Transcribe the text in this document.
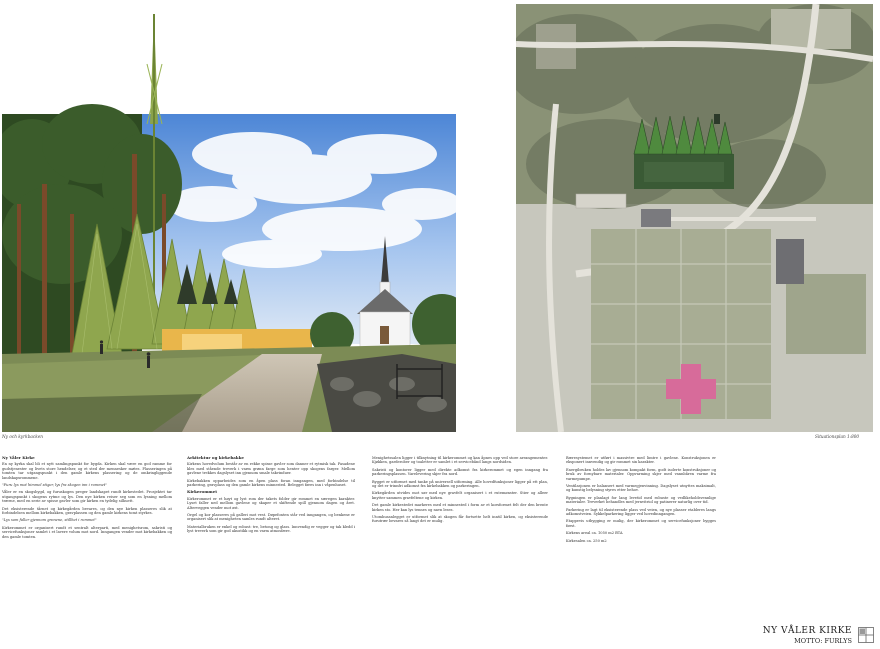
Ny och kyrkbacken	Situationsplan 1:800
Ny Våler Kirke

En ny kyrka skal bli et nytt samlingspunkt for bygda. Kirken skal være en god ramme for gudstjenester og livets store hendelser, og et sted der mennesker møtes. Plasseringen på tomten tar utgangspunkt i den gamle kirkens plassering og de omkringliggende landskapsrommene.

"Furu lys mot himmel stiger, lys fra skogen inn i rommet"

Våler er en skogsbygd, og furuskogen preger landskapet rundt kirkestedet. Prosjektet tar utgangspunkt i skogens rytme og lys. Den nye kirken reiser seg som en lysning mellom trærne, med en serie av spisse gavler som gir kirken en tydelig silhuett.

Det eksisterende tårnet og kirkegården bevares, og den nye kirken plasseres slik at forbindelsen mellom kirkebakken, gravplassen og den gamle kirkens tomt styrkes.

"Lys som faller gjennom grenene, stillhet i rommet"

Kirkerommet er organisert rundt et sentralt alterparti, med menighetsrom, sakristi og servicefunksjoner samlet i et lavere volum mot nord. Inngangen vender mot kirkebakken og den gamle tomten.

Arkitektur og kirkebakke

Kirkens hovedvolum består av en rekke spisse gavler som danner et rytmisk tak. Fasadene kles med stående treverk i varm grønn farge som henter opp skogens farger. Mellom gavlene trekkes dagslyset inn gjennom smale takvinduer.

Kirkebakken opparbeides som en åpen plass foran inngangen, med forbindelse til parkering, gravplass og den gamle kirkens minnested. Belegget føres inn i våpenhuset.

Kirkerommet

Kirkerommet er et høyt og lyst rom der takets folder gir rommet en særegen karakter. Lyset faller ned mellom gavlene og skaper et skiftende spill gjennom dagen og året. Alterveggen vender mot øst.

Orgel og kor plasseres på galleri mot vest. Døpefonten står ved inngangen, og benkene er organisert slik at menigheten samles rundt alteret.

Materialbruken er enkel og robust: tre, betong og glass. Innvendig er vegger og tak kledd i lyst treverk som gir god akustikk og en varm atmosfære.

Menighetssalen ligger i tilknytning til kirkerommet og kan åpnes opp ved store arrangementer. Kjøkken, garderober og toaletter er samlet i et servicebånd langs nordsiden.

Sakristi og kontorer ligger med direkte adkomst fra kirkerommet og egen inngang fra parkeringsplassen. Varelevering skjer fra nord.

Bygget er utformet med tanke på universell utforming. Alle hovedfunksjoner ligger på ett plan, og det er trinnfri adkomst fra kirkebakken og parkeringen.

Kirkegården utvides mot sør med nye gravfelt organisert i et rutemønster. Stier og alleer knytter sammen gravfeltene og kirken.

Det gamle kirkestedet markeres med et minnested i form av et korsformet felt der den brente kirken sto. Her kan lys tennes og navn leses.

Utomhusanlegget er utformet slik at skogen får fortsette helt inntil kirken, og eksisterende furutrær bevares så langt det er mulig.

Bæresystemet er utført i massivtre med limtre i gavlene. Konstruksjonen er eksponert innvendig og gir rommet sin karakter.

Energibruken holdes lav gjennom kompakt form, godt isolerte konstruksjoner og bruk av fornybare materialer. Oppvarming skjer med vannbåren varme fra varmepumpe.

Ventilasjonen er balansert med varmegjenvinning. Dagslyset utnyttes maksimalt, og kunstig belysning styres etter behov.

Bygningen er planlagt for lang levetid med robuste og vedlikeholdsvennlige materialer. Treverket behandles med jernvitriol og patinerer naturlig over tid.

Parkering er lagt til eksisterende plass ved veien, og nye plasser etableres langs adkomstveien. Sykkelparkering ligger ved hovedinngangen.

Etappevis utbygging er mulig, der kirkerommet og servicefunksjoner bygges først.

Kirkens areal ca. 1050 m2 BTA

Kirkesalen ca. 250 m2

NY VÅLER KIRKE
MOTTO: FURLYS
